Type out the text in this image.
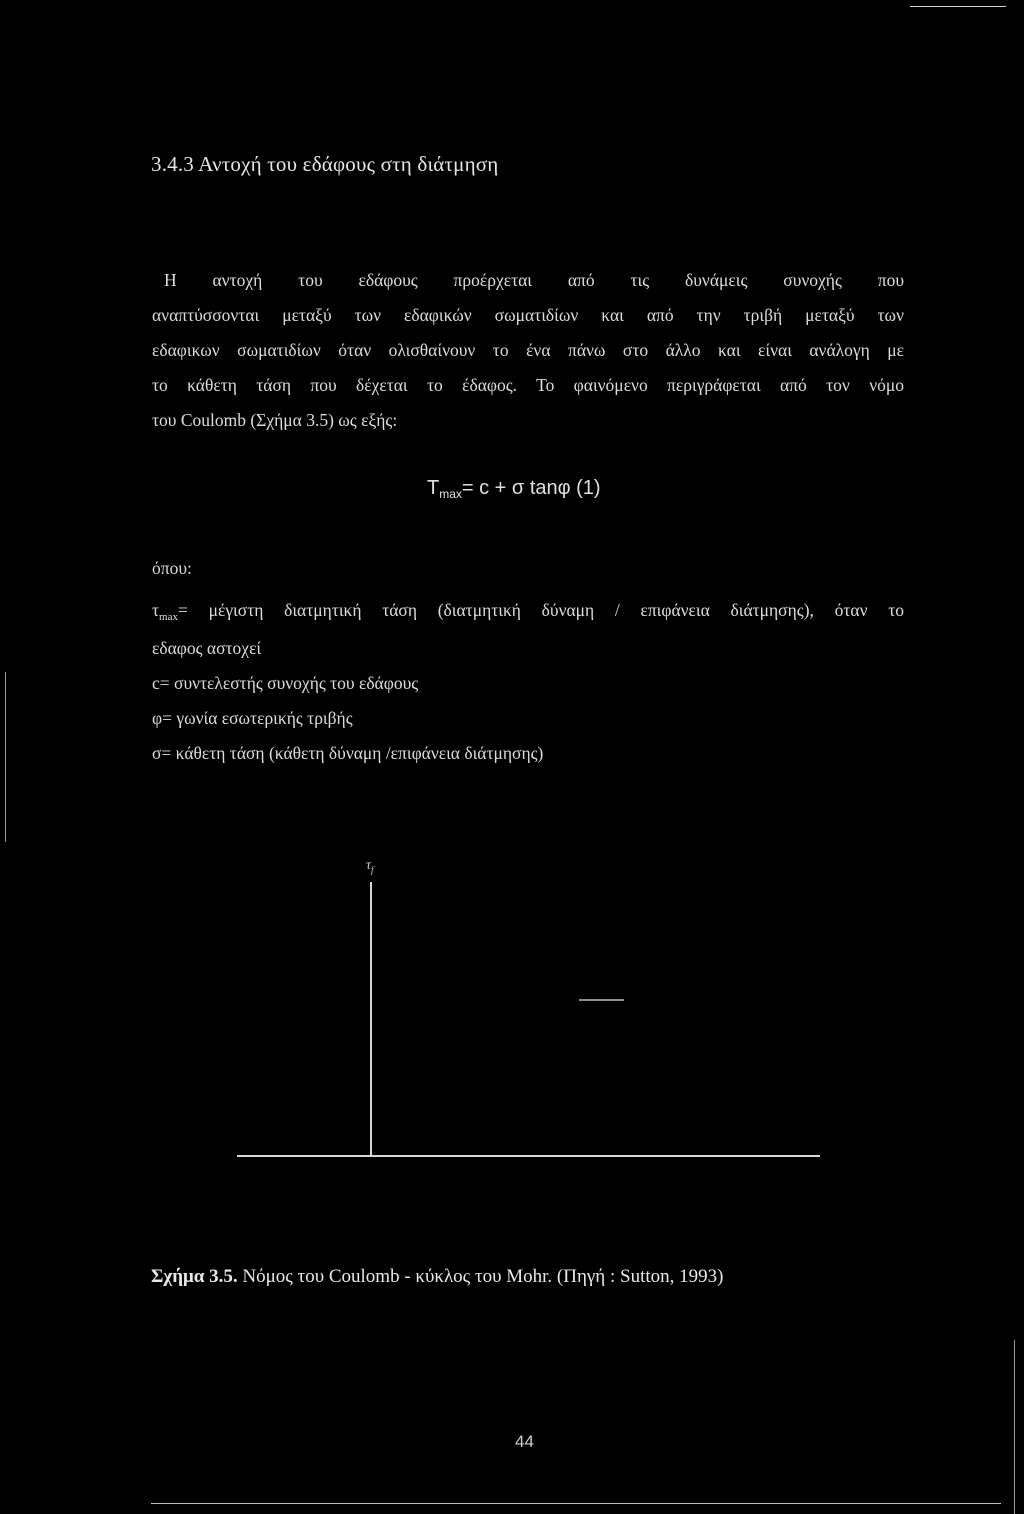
3.4.3 Αντοχή του εδάφους στη διάτμηση
Η αντοχή του εδάφους προέρχεται από τις δυνάμεις συνοχής που
αναπτύσσονται μεταξύ των εδαφικών σωματιδίων και από την τριβή μεταξύ των
εδαφικων σωματιδίων όταν ολισθαίνουν το ένα πάνω στο άλλο και είναι ανάλογη με
το κάθετη τάση που δέχεται το έδαφος. Το φαινόμενο περιγράφεται από τον νόμο
του Coulomb (Σχήμα 3.5) ως εξής:
$T_{max}= c + \sigma$ tanφ (1)
όπου:
$\tau_{max}= \mu έ\gamma\iota\sigma\tau\eta$ διατμητική τάση (διατμητική δύναμη / επιφάνεια διάτμησης), όταν το
εδαφος αστοχεί
c= συντελεστής συνοχής του εδάφους
φ= γωνία εσωτερικής τριβής
σ= κάθετη τάση (κάθετη δύναμη /επιφάνεια διάτμησης)
$\tau_f$
Σχήμα 3.5. Νόμος του Coulomb - κύκλος του Mohr. (Πηγή : Sutton, 1993)
44
